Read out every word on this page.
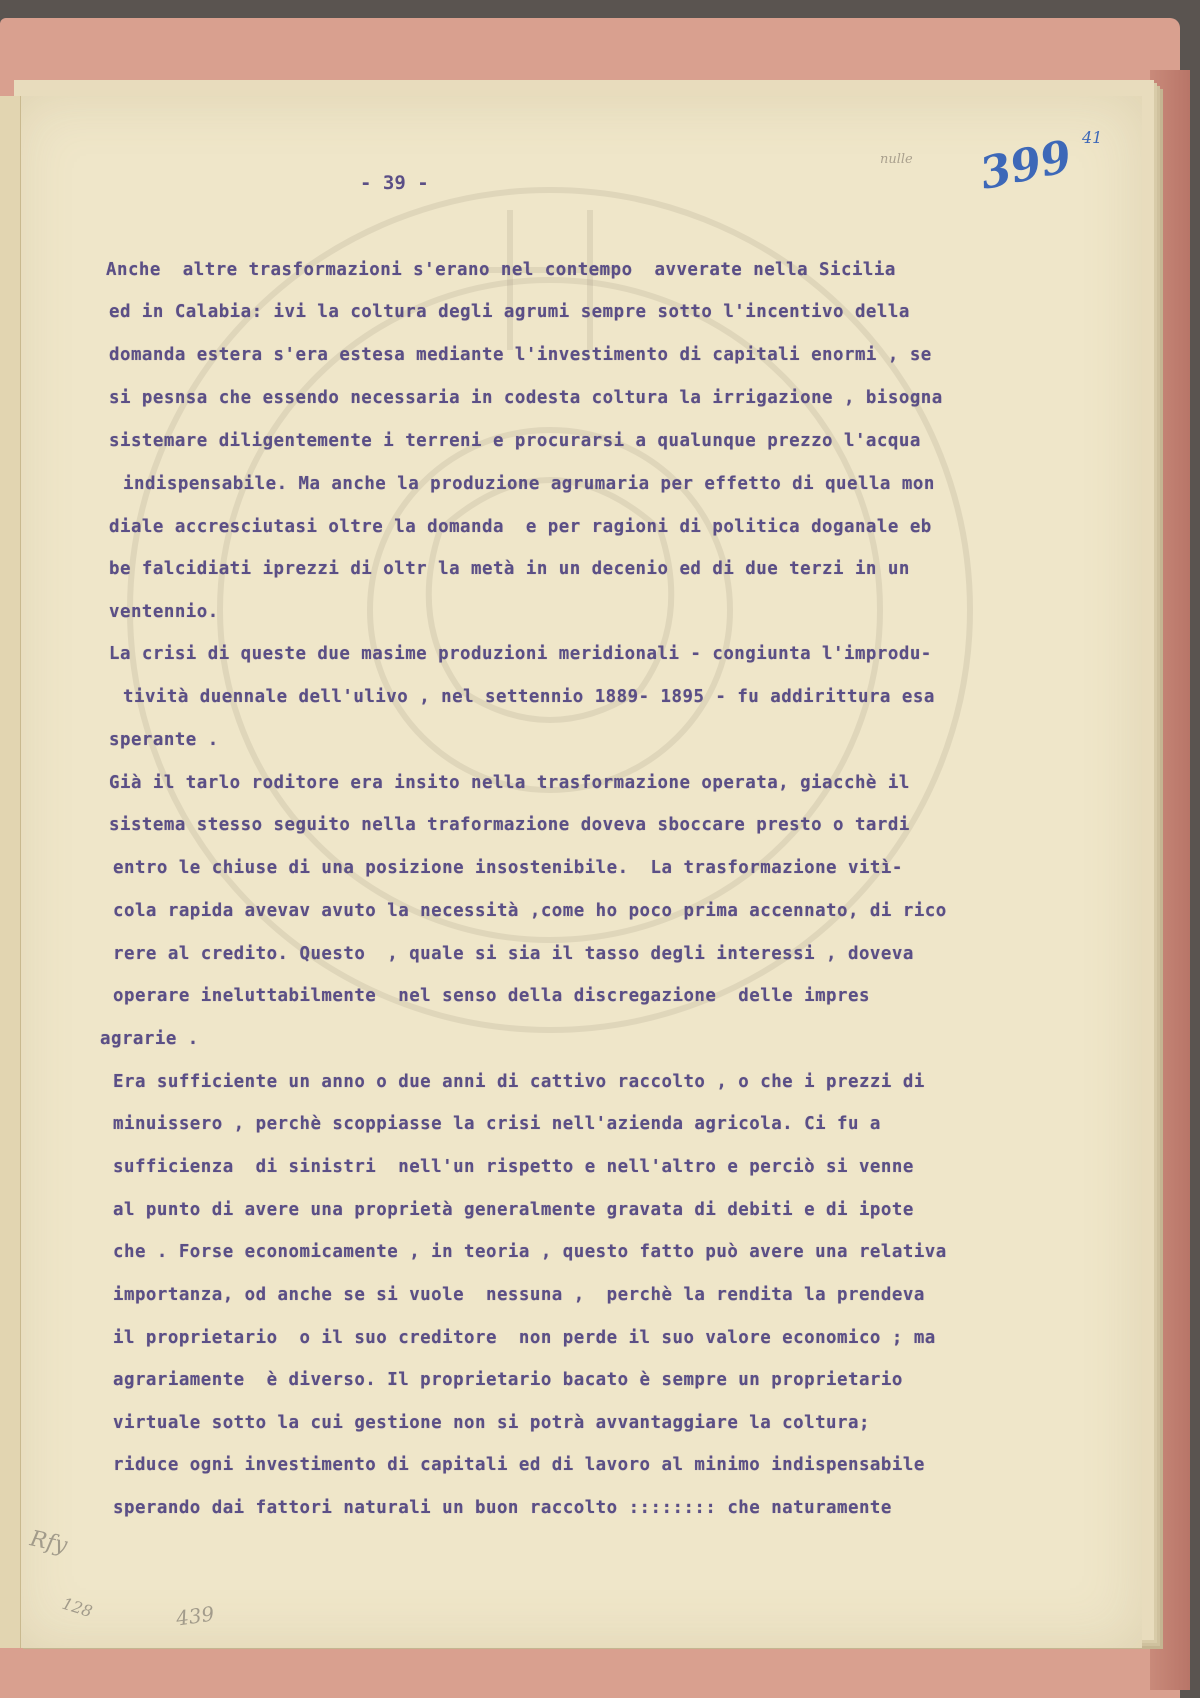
nulle 399 41
- 39 -
Anche  altre trasformazioni s'erano nel contempo  avverate nella Sicilia
ed in Calabia: ivi la coltura degli agrumi sempre sotto l'incentivo della
domanda estera s'era estesa mediante l'investimento di capitali enormi , se
si pesnsa che essendo necessaria in codesta coltura la irrigazione , bisogna
sistemare diligentemente i terreni e procurarsi a qualunque prezzo l'acqua
indispensabile. Ma anche la produzione agrumaria per effetto di quella mon
diale accresciutasi oltre la domanda  e per ragioni di politica doganale eb
be falcidiati iprezzi di oltr la metà in un decenio ed di due terzi in un
ventennio.
La crisi di queste due masime produzioni meridionali - congiunta l'improdu-
tività duennale dell'ulivo , nel settennio 1889- 1895 - fu addirittura esa
sperante .
Già il tarlo roditore era insito nella trasformazione operata, giacchè il
sistema stesso seguito nella traformazione doveva sboccare presto o tardi
entro le chiuse di una posizione insostenibile.  La trasformazione vitì-
cola rapida avevav avuto la necessità ,come ho poco prima accennato, di rico
rere al credito. Questo  , quale si sia il tasso degli interessi , doveva
operare ineluttabilmente  nel senso della discregazione  delle impres
agrarie .
Era sufficiente un anno o due anni di cattivo raccolto , o che i prezzi di
minuissero , perchè scoppiasse la crisi nell'azienda agricola. Ci fu a
sufficienza  di sinistri  nell'un rispetto e nell'altro e perciò si venne
al punto di avere una proprietà generalmente gravata di debiti e di ipote
che . Forse economicamente , in teoria , questo fatto può avere una relativa
importanza, od anche se si vuole  nessuna ,  perchè la rendita la prendeva
il proprietario  o il suo creditore  non perde il suo valore economico ; ma
agrariamente  è diverso. Il proprietario bacato è sempre un proprietario
virtuale sotto la cui gestione non si potrà avvantaggiare la coltura;
riduce ogni investimento di capitali ed di lavoro al minimo indispensabile
sperando dai fattori naturali un buon raccolto :::::::: che naturamente
Rfy
128	439
